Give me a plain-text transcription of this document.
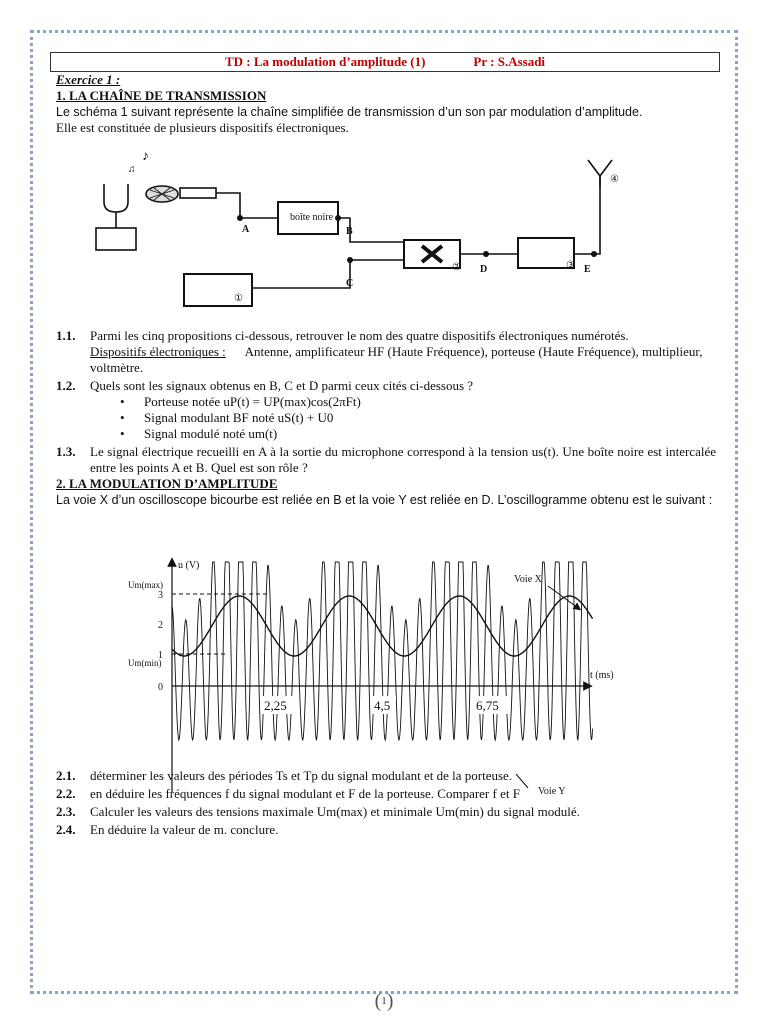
TD : La modulation d’amplitude (1)	Pr : S.Assadi
Exercice 1 :
1. LA CHAÎNE DE TRANSMISSION
Le schéma 1 suivant représente la chaîne simplifiée de transmission d’un son par modulation d’amplitude.
Elle est constituée de plusieurs dispositifs électroniques.
1.1.	Parmi les cinq propositions ci-dessous, retrouver le nom des quatre dispositifs électroniques numérotés.
Dispositifs électroniques : Antenne, amplificateur HF (Haute Fréquence), porteuse (Haute Fréquence), multiplieur, voltmètre.
1.2.	Quels sont les signaux obtenus en B, C et D parmi ceux cités ci-dessous ?
• Porteuse notée uP(t) = UP(max)cos(2πFt)
• Signal modulant BF noté uS(t) + U0
• Signal modulé noté um(t)
1.3.	Le signal électrique recueilli en A à la sortie du microphone correspond à la tension us(t). Une boîte noire est intercalée entre les points A et B. Quel est son rôle ?
2. LA MODULATION D’AMPLITUDE
La voie X d’un oscilloscope bicourbe est reliée en B et la voie Y est reliée en D. L’oscillogramme obtenu est le suivant :
2.1.	déterminer les valeurs des périodes Ts et Tp du signal modulant et de la porteuse.
2.2.	en déduire les fréquences f du signal modulant et F de la porteuse. Comparer f et F
2.3.	Calculer les valeurs des tensions maximale Um(max) et minimale Um(min) du signal modulé.
2.4.	En déduire la valeur de m. conclure.
♪
♫
boîte noire
A	B
C
D	E
①
②	③
④
u (V)
t (ms)
3
2
1
0
Um(max)
Um(min)
2,25	4,5	6,75
Voie X
Voie Y
( 1 )
